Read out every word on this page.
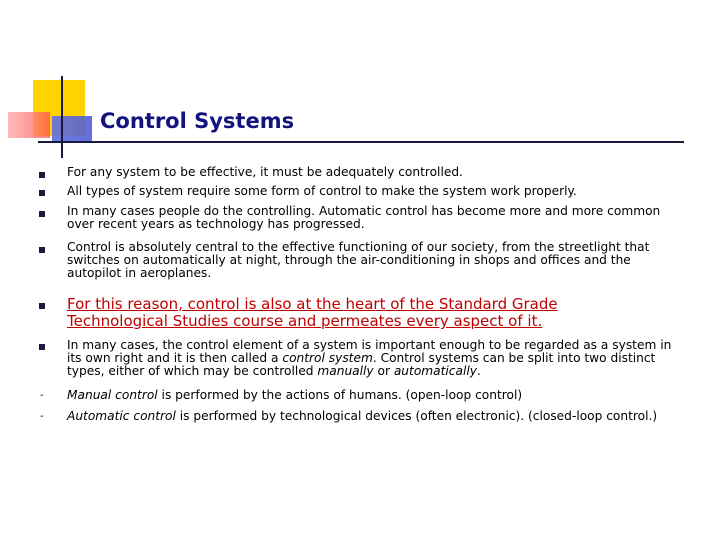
Control Systems
For any system to be effective, it must be adequately controlled.
All types of system require some form of control to make the system work properly.
In many cases people do the controlling. Automatic control has become more and more common over recent years as technology has progressed.
Control is absolutely central to the effective functioning of our society, from the streetlight that switches on automatically at night, through the air-conditioning in shops and offices and the autopilot in aeroplanes.
For this reason, control is also at the heart of the Standard Grade Technological Studies course and permeates every aspect of it.
In many cases, the control element of a system is important enough to be regarded as a system in its own right and it is then called a control system. Control systems can be split into two distinct types, either of which may be controlled manually or automatically.
- Manual control is performed by the actions of humans. (open-loop control)
- Automatic control is performed by technological devices (often electronic). (closed-loop control.)
